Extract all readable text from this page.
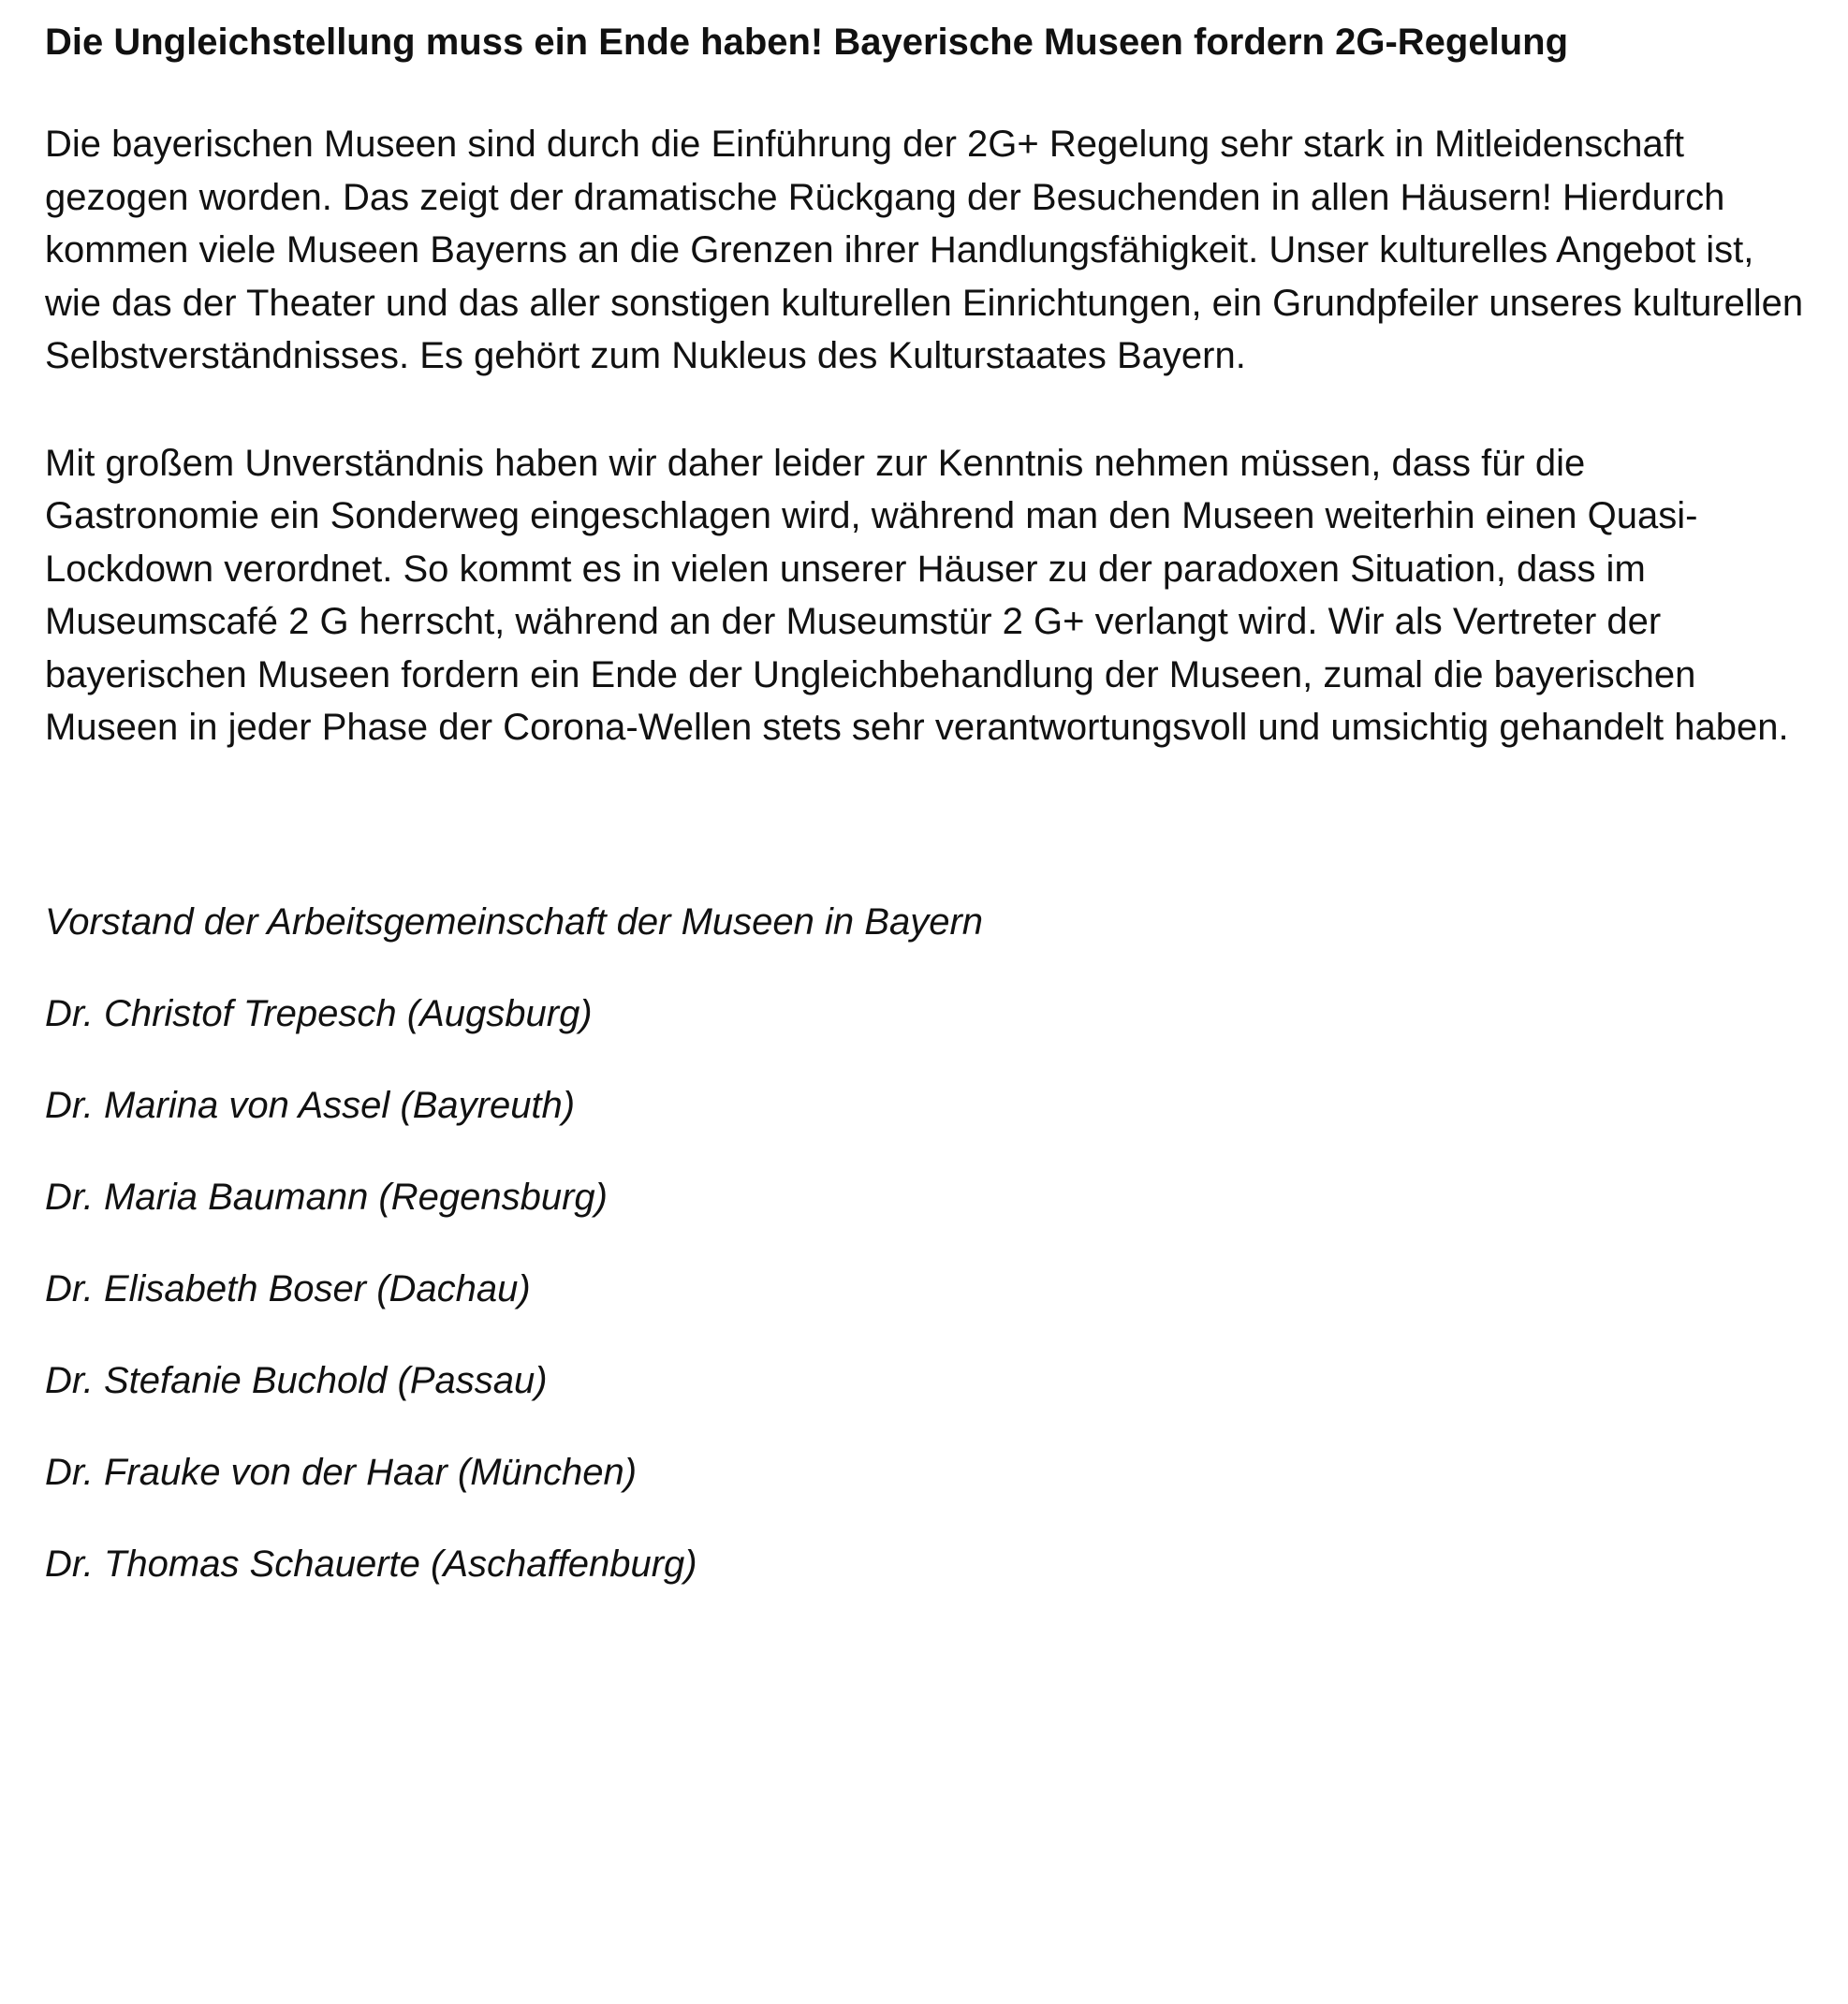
Die Ungleichstellung muss ein Ende haben! Bayerische Museen fordern 2G-Regelung

Die bayerischen Museen sind durch die Einführung der 2G+ Regelung sehr stark in Mitleidenschaft gezogen worden. Das zeigt der dramatische Rückgang der Besuchenden in allen Häusern! Hierdurch kommen viele Museen Bayerns an die Grenzen ihrer Handlungsfähigkeit. Unser kulturelles Angebot ist, wie das der Theater und das aller sonstigen kulturellen Einrichtungen, ein Grundpfeiler unseres kulturellen Selbstverständnisses. Es gehört zum Nukleus des Kulturstaates Bayern.

Mit großem Unverständnis haben wir daher leider zur Kenntnis nehmen müssen, dass für die Gastronomie ein Sonderweg eingeschlagen wird, während man den Museen weiterhin einen Quasi-Lockdown verordnet. So kommt es in vielen unserer Häuser zu der paradoxen Situation, dass im Museumscafé 2 G herrscht, während an der Museumstür 2 G+ verlangt wird. Wir als Vertreter der bayerischen Museen fordern ein Ende der Ungleichbehandlung der Museen, zumal die bayerischen Museen in jeder Phase der Corona-Wellen stets sehr verantwortungsvoll und umsichtig gehandelt haben.

Vorstand der Arbeitsgemeinschaft der Museen in Bayern

Dr. Christof Trepesch (Augsburg)

Dr. Marina von Assel (Bayreuth)

Dr. Maria Baumann (Regensburg)

Dr. Elisabeth Boser (Dachau)

Dr. Stefanie Buchold (Passau)

Dr. Frauke von der Haar (München)

Dr. Thomas Schauerte (Aschaffenburg)
